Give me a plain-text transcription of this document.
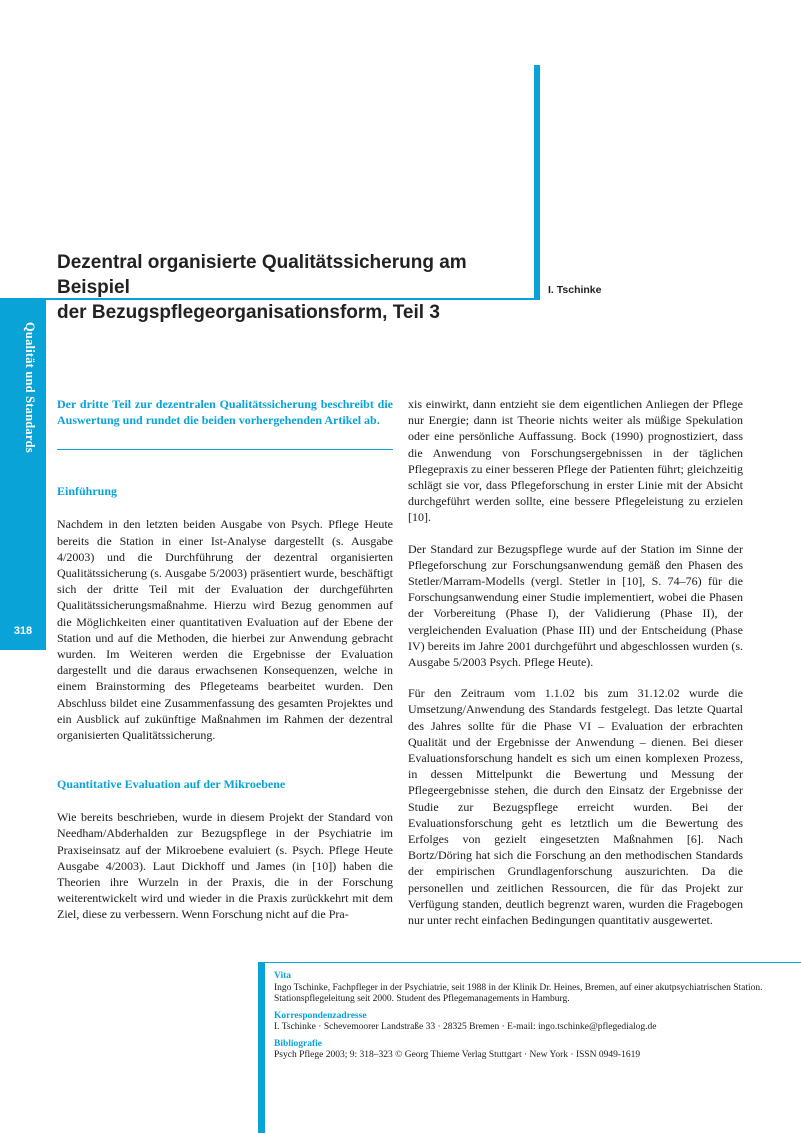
Qualität und Standards
318
Dezentral organisierte Qualitätssicherung am Beispiel
der Bezugspflegeorganisationsform, Teil 3
I. Tschinke

Der dritte Teil zur dezentralen Qualitätssicherung beschreibt die Auswertung und rundet die beiden vorhergehenden Artikel ab.

Einführung

Nachdem in den letzten beiden Ausgabe von Psych. Pflege Heute bereits die Station in einer Ist-Analyse dargestellt (s. Ausgabe 4/2003) und die Durchführung der dezentral organisierten Qualitätssicherung (s. Ausgabe 5/2003) präsentiert wurde, beschäftigt sich der dritte Teil mit der Evaluation der durchgeführten Qualitätssicherungsmaßnahme. Hierzu wird Bezug genommen auf die Möglichkeiten einer quantitativen Evaluation auf der Ebene der Station und auf die Methoden, die hierbei zur Anwendung gebracht wurden. Im Weiteren werden die Ergebnisse der Evaluation dargestellt und die daraus erwachsenen Konsequenzen, welche in einem Brainstorming des Pflegeteams bearbeitet wurden. Den Abschluss bildet eine Zusammenfassung des gesamten Projektes und ein Ausblick auf zukünftige Maßnahmen im Rahmen der dezentral organisierten Qualitätssicherung.

Quantitative Evaluation auf der Mikroebene

Wie bereits beschrieben, wurde in diesem Projekt der Standard von Needham/Abderhalden zur Bezugspflege in der Psychiatrie im Praxiseinsatz auf der Mikroebene evaluiert (s. Psych. Pflege Heute Ausgabe 4/2003). Laut Dickhoff und James (in [10]) haben die Theorien ihre Wurzeln in der Praxis, die in der Forschung weiterentwickelt wird und wieder in die Praxis zurückkehrt mit dem Ziel, diese zu verbessern. Wenn Forschung nicht auf die Pra-

xis einwirkt, dann entzieht sie dem eigentlichen Anliegen der Pflege nur Energie; dann ist Theorie nichts weiter als müßige Spekulation oder eine persönliche Auffassung. Bock (1990) prognostiziert, dass die Anwendung von Forschungsergebnissen in der täglichen Pflegepraxis zu einer besseren Pflege der Patienten führt; gleichzeitig schlägt sie vor, dass Pflegeforschung in erster Linie mit der Absicht durchgeführt werden sollte, eine bessere Pflegeleistung zu erzielen [10].

Der Standard zur Bezugspflege wurde auf der Station im Sinne der Pflegeforschung zur Forschungsanwendung gemäß den Phasen des Stetler/Marram-Modells (vergl. Stetler in [10], S. 74–76) für die Forschungsanwendung einer Studie implementiert, wobei die Phasen der Vorbereitung (Phase I), der Validierung (Phase II), der vergleichenden Evaluation (Phase III) und der Entscheidung (Phase IV) bereits im Jahre 2001 durchgeführt und abgeschlossen wurden (s. Ausgabe 5/2003 Psych. Pflege Heute).

Für den Zeitraum vom 1.1.02 bis zum 31.12.02 wurde die Umsetzung/Anwendung des Standards festgelegt. Das letzte Quartal des Jahres sollte für die Phase VI – Evaluation der erbrachten Qualität und der Ergebnisse der Anwendung – dienen. Bei dieser Evaluationsforschung handelt es sich um einen komplexen Prozess, in dessen Mittelpunkt die Bewertung und Messung der Pflegeergebnisse stehen, die durch den Einsatz der Ergebnisse der Studie zur Bezugspflege erreicht wurden. Bei der Evaluationsforschung geht es letztlich um die Bewertung des Erfolges von gezielt eingesetzten Maßnahmen [6]. Nach Bortz/Döring hat sich die Forschung an den methodischen Standards der empirischen Grundlagenforschung auszurichten. Da die personellen und zeitlichen Ressourcen, die für das Projekt zur Verfügung standen, deutlich begrenzt waren, wurden die Fragebogen nur unter recht einfachen Bedingungen quantitativ ausgewertet.

Vita
Ingo Tschinke, Fachpfleger in der Psychiatrie, seit 1988 in der Klinik Dr. Heines, Bremen, auf einer akutpsychiatrischen Station. Stationspflegeleitung seit 2000. Student des Pflegemanagements in Hamburg.
Korrespondenzadresse
I. Tschinke · Schevemoorer Landstraße 33 · 28325 Bremen · E-mail: ingo.tschinke@pflegedialog.de
Bibliografie
Psych Pflege 2003; 9: 318–323 © Georg Thieme Verlag Stuttgart · New York · ISSN 0949-1619
